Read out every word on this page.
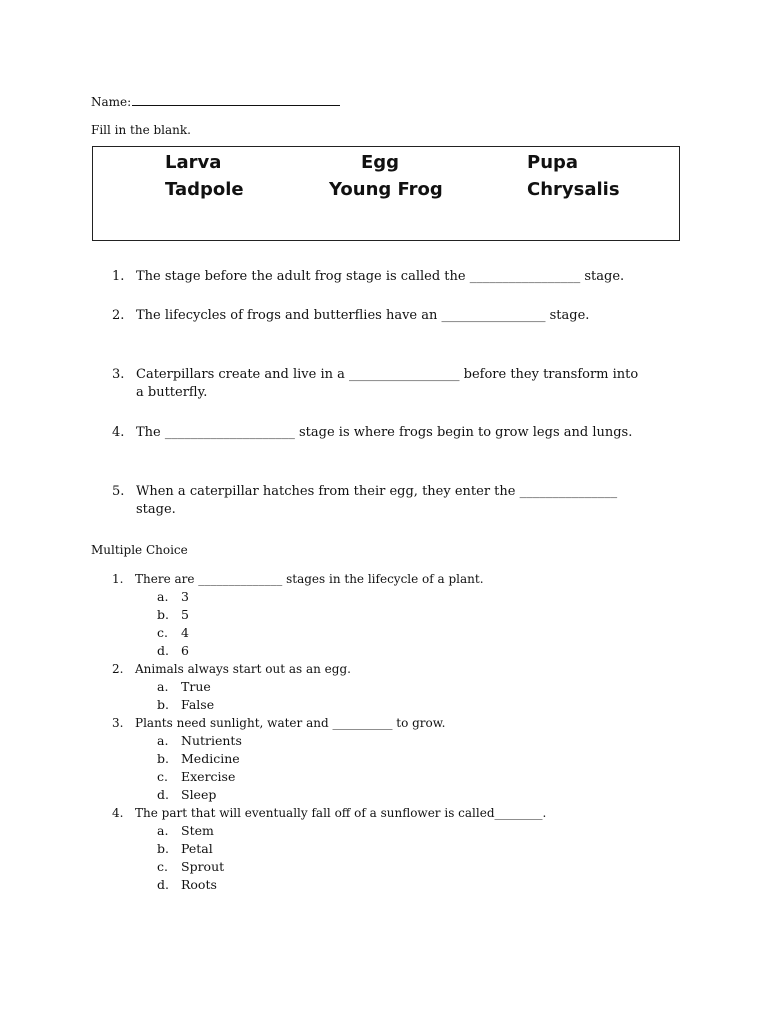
Name:
Fill in the blank.
Larva	Egg	Pupa
Tadpole	Young Frog	Chrysalis
1. The stage before the adult frog stage is called the _________________ stage.
2. The lifecycles of frogs and butterflies have an ________________ stage.
3. Caterpillars create and live in a _________________ before they transform into a butterfly.
4. The ____________________ stage is where frogs begin to grow legs and lungs.
5. When a caterpillar hatches from their egg, they enter the _______________ stage.
Multiple Choice
1. There are ______________ stages in the lifecycle of a plant.
a. 3
b. 5
c. 4
d. 6
2. Animals always start out as an egg.
a. True
b. False
3. Plants need sunlight, water and __________ to grow.
a. Nutrients
b. Medicine
c. Exercise
d. Sleep
4. The part that will eventually fall off of a sunflower is called________.
a. Stem
b. Petal
c. Sprout
d. Roots
